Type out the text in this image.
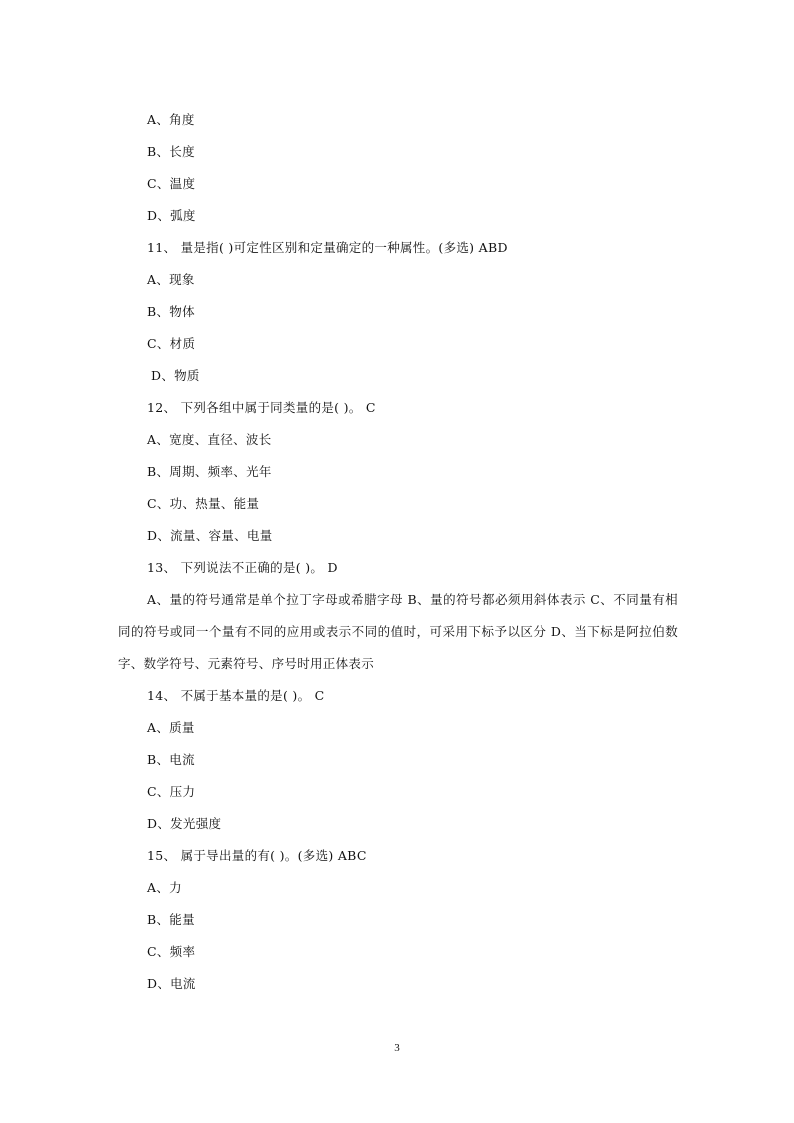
A、角度
B、长度
C、温度
D、弧度
11、 量是指( )可定性区别和定量确定的一种属性。(多选) ABD
A、现象
B、物体
C、材质
D、物质
12、 下列各组中属于同类量的是( )。 C
A、宽度、直径、波长
B、周期、频率、光年
C、功、热量、能量
D、流量、容量、电量
13、 下列说法不正确的是( )。 D
A、量的符号通常是单个拉丁字母或希腊字母 B、量的符号都必须用斜体表示 C、不同量有相同的符号或同一个量有不同的应用或表示不同的值时，可采用下标予以区分 D、当下标是阿拉伯数字、数学符号、元素符号、序号时用正体表示
14、 不属于基本量的是( )。 C
A、质量
B、电流
C、压力
D、发光强度
15、 属于导出量的有( )。(多选) ABC
A、力
B、能量
C、频率
D、电流
3
